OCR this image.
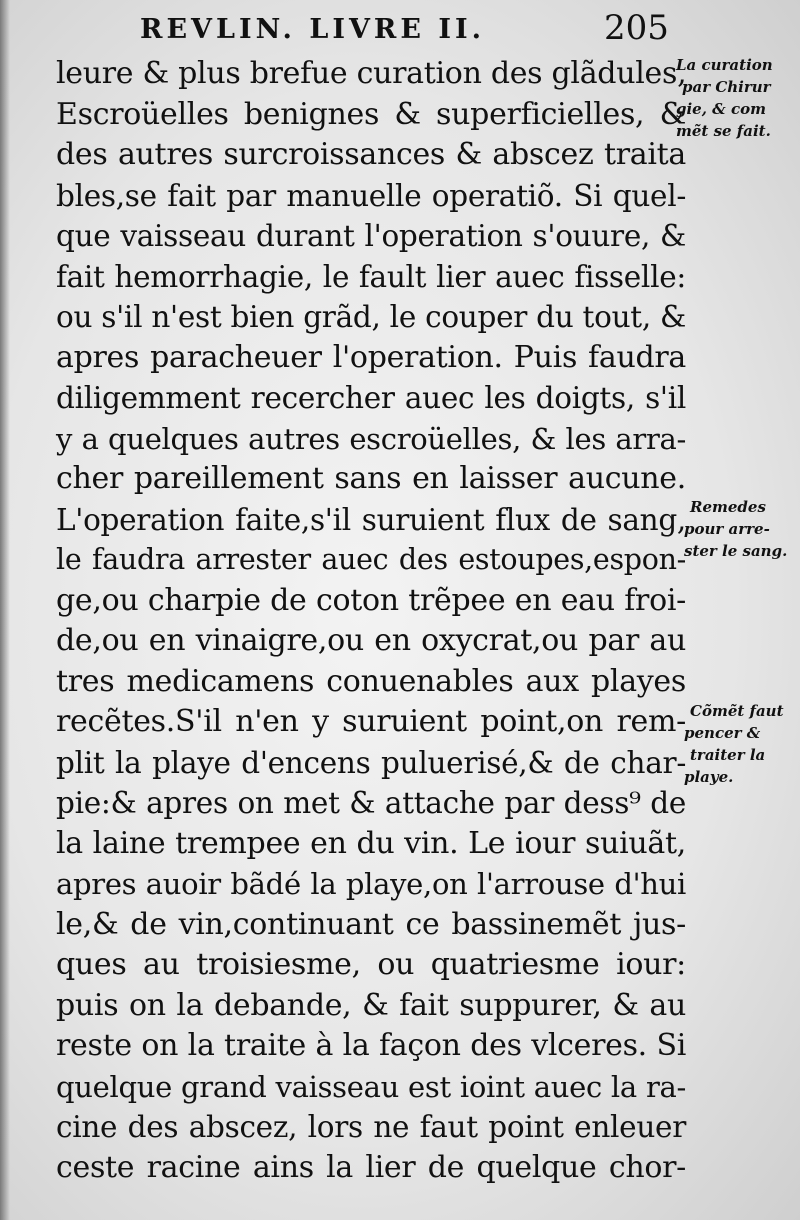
REVLIN. LIVRE II.	205
leure & plus brefue curation des glãdules,
Escroüelles benignes & superficielles, &
des autres surcroissances & abscez traita
bles,se fait par manuelle operatiõ. Si quel-
que vaisseau durant l'operation s'ouure, &
fait hemorrhagie, le fault lier auec fisselle:
ou s'il n'est bien grãd, le couper du tout, &
apres paracheuer l'operation. Puis faudra
diligemment recercher auec les doigts, s'il
y a quelques autres escroüelles, & les arra-
cher pareillement sans en laisser aucune.
L'operation faite,s'il suruient flux de sang,
le faudra arrester auec des estoupes,espon-
ge,ou charpie de coton trẽpee en eau froi-
de,ou en vinaigre,ou en oxycrat,ou par au
tres medicamens conuenables aux playes
recẽtes.S'il n'en y suruient point,on rem-
plit la playe d'encens puluerisé,& de char-
pie:& apres on met & attache par dess⁹ de
la laine trempee en du vin. Le iour suiuãt,
apres auoir bãdé la playe,on l'arrouse d'hui
le,& de vin,continuant ce bassinemẽt jus-
ques au troisiesme, ou quatriesme iour:
puis on la debande, & fait suppurer, & au
reste on la traite à la façon des vlceres. Si
quelque grand vaisseau est ioint auec la ra-
cine des abscez, lors ne faut point enleuer
ceste racine ains la lier de quelque chor-
La curation
par Chirur
gie, & com
mẽt se fait.
Remedes
pour arre-
ster le sang.
Cõmẽt faut
pencer &
traiter la
playe.
